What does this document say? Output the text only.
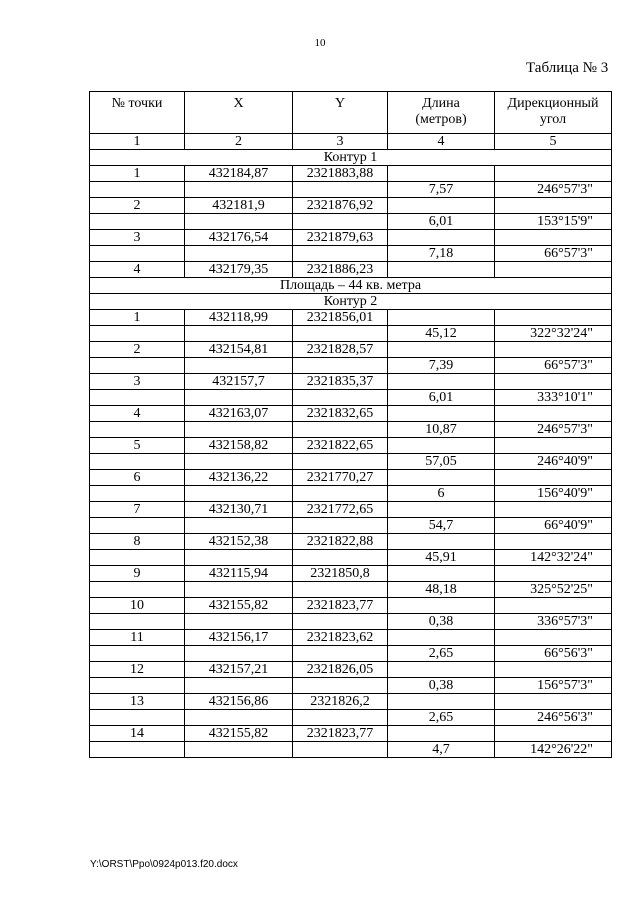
10
Таблица № 3
№ точки	X	Y	Длина
(метров)	Дирекционный
угол
1	2	3	4	5
Контур 1				
1	432184,87	2321883,88		
			7,57	246°57'3"
2	432181,9	2321876,92		
			6,01	153°15'9"
3	432176,54	2321879,63		
			7,18	66°57'3"
4	432179,35	2321886,23		
Площадь – 44 кв. метра				
Контур 2				
1	432118,99	2321856,01		
			45,12	322°32'24"
2	432154,81	2321828,57		
			7,39	66°57'3"
3	432157,7	2321835,37		
			6,01	333°10'1"
4	432163,07	2321832,65		
			10,87	246°57'3"
5	432158,82	2321822,65		
			57,05	246°40'9"
6	432136,22	2321770,27		
			6	156°40'9"
7	432130,71	2321772,65		
			54,7	66°40'9"
8	432152,38	2321822,88		
			45,91	142°32'24"
9	432115,94	2321850,8		
			48,18	325°52'25"
10	432155,82	2321823,77		
			0,38	336°57'3"
11	432156,17	2321823,62		
			2,65	66°56'3"
12	432157,21	2321826,05		
			0,38	156°57'3"
13	432156,86	2321826,2		
			2,65	246°56'3"
14	432155,82	2321823,77		
			4,7	142°26'22"
Y:\ORST\Ppo\0924p013.f20.docx
